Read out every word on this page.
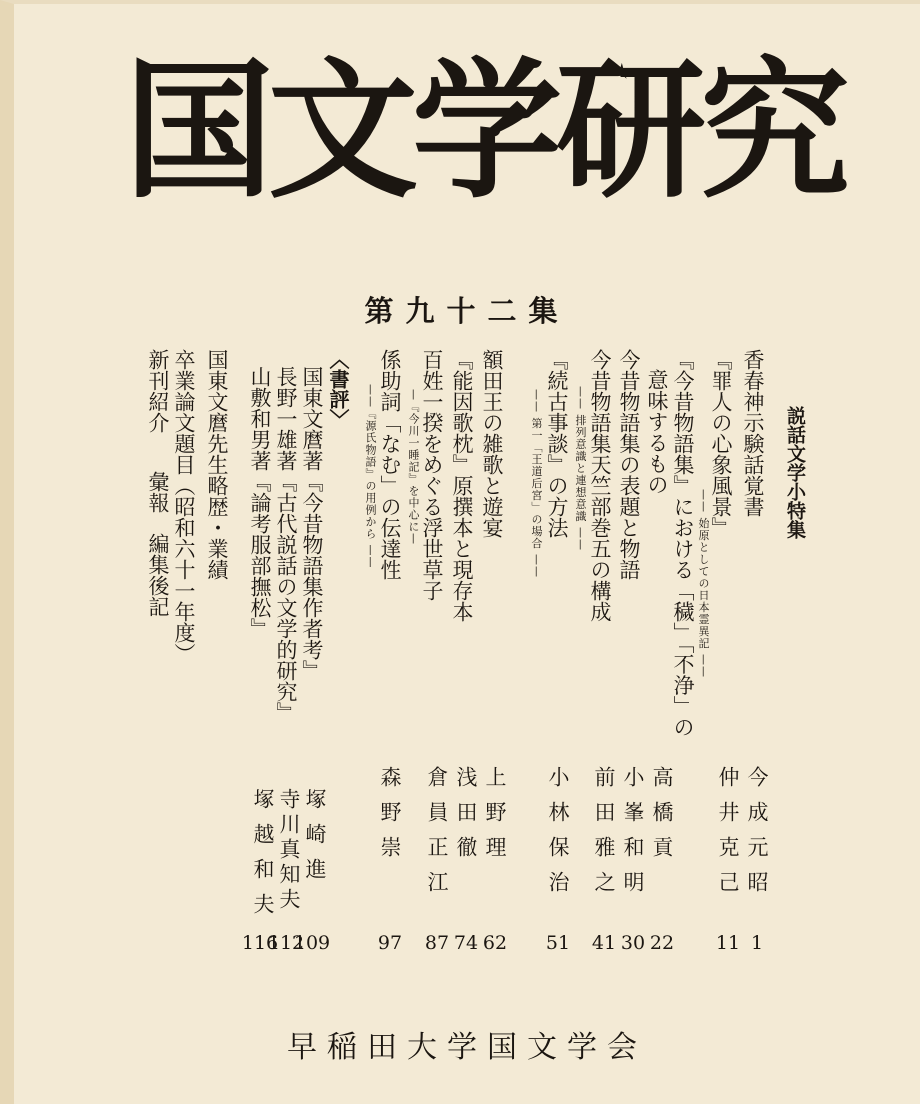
国文学研究
第九十二集
説話文学小特集
香春神示験話覚書
『罪人の心象風景』
—— 始原としての日本霊異記 ——
『今昔物語集』における「穢」「不浄」の
意味するもの
今昔物語集の表題と物語
今昔物語集天竺部巻五の構成
—— 排列意識と連想意識 ——
『続古事談』の方法
—— 第一「王道后宮」の場合 ——
額田王の雑歌と遊宴
『能因歌枕』原撰本と現存本
百姓一揆をめぐる浮世草子
—『今川一睡記』を中心に—
係助詞「なむ」の伝達性
——『源氏物語』の用例から ——
〈書評〉
国東文麿著『今昔物語集作者考』
長野一雄著『古代説話の文学的研究』
山敷和男著『論考服部撫松』
国東文麿先生略歴・業績
卒業論文題目（昭和六十一年度）
新刊紹介彙報編集後記
今成元昭
仲井克己
高橋貢
小峯和明
前田雅之
小林保治
上野理
浅田徹
倉員正江
森野崇
塚崎進
寺川真知夫
塚越和夫
1
11
22
30
41
51
62
74
87
97
109
112
116
早稲田大学国文学会
